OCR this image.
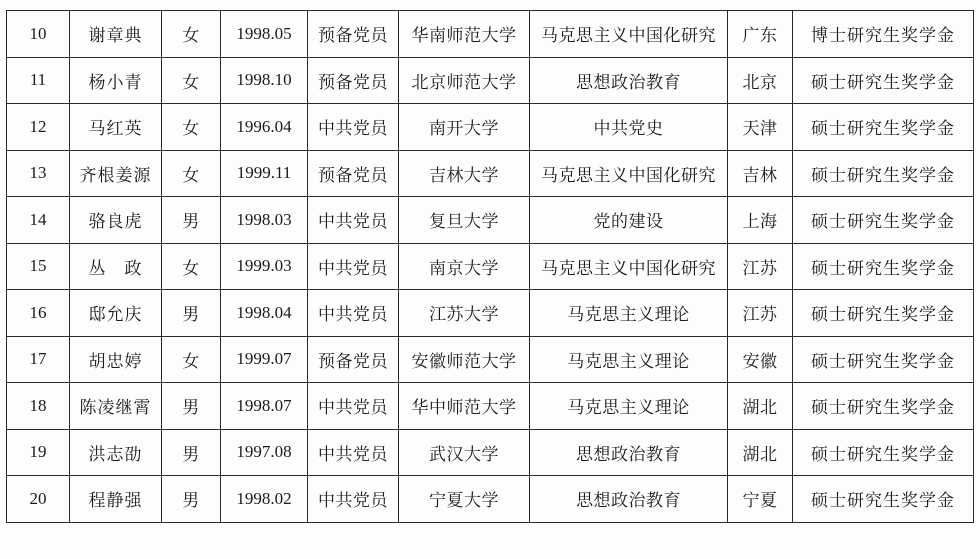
10	谢章典	女	1998.05	预备党员	华南师范大学	马克思主义中国化研究	广东	博士研究生奖学金
11	杨小青	女	1998.10	预备党员	北京师范大学	思想政治教育	北京	硕士研究生奖学金
12	马红英	女	1996.04	中共党员	南开大学	中共党史	天津	硕士研究生奖学金
13	齐根姜源	女	1999.11	预备党员	吉林大学	马克思主义中国化研究	吉林	硕士研究生奖学金
14	骆良虎	男	1998.03	中共党员	复旦大学	党的建设	上海	硕士研究生奖学金
15	丛　政	女	1999.03	中共党员	南京大学	马克思主义中国化研究	江苏	硕士研究生奖学金
16	邸允庆	男	1998.04	中共党员	江苏大学	马克思主义理论	江苏	硕士研究生奖学金
17	胡忠婷	女	1999.07	预备党员	安徽师范大学	马克思主义理论	安徽	硕士研究生奖学金
18	陈凌继霄	男	1998.07	中共党员	华中师范大学	马克思主义理论	湖北	硕士研究生奖学金
19	洪志劭	男	1997.08	中共党员	武汉大学	思想政治教育	湖北	硕士研究生奖学金
20	程静强	男	1998.02	中共党员	宁夏大学	思想政治教育	宁夏	硕士研究生奖学金
